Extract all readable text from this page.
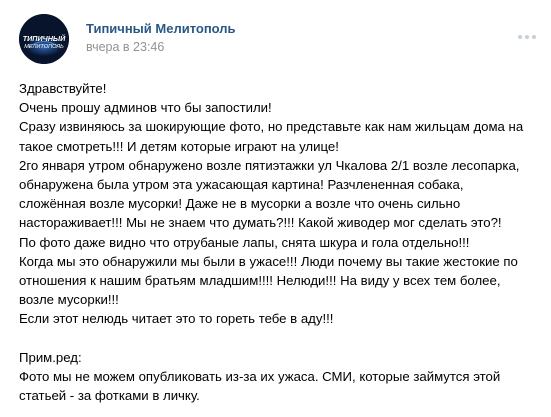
ТИПИЧНЫЙ
МЕЛИТОПОЛЬ
Типичный Мелитополь
вчера в 23:46
Здравствуйте!
Очень прошу админов что бы запостили!
Сразу извиняюсь за шокирующие фото, но представьте как нам жильцам дома на
такое смотреть!!! И детям которые играют на улице!
2го января утром обнаружено возле пятиэтажки ул Чкалова 2/1 возле лесопарка,
обнаружена была утром эта ужасающая картина! Разчлененная собака,
сложённая возле мусорки! Даже не в мусорки а возле что очень сильно
настораживает!!! Мы не знаем что думать?!!! Какой живодер мог сделать это?!
По фото даже видно что отрубаные лапы, снята шкура и гола отдельно!!!
Когда мы это обнаружили мы были в ужасе!!! Люди почему вы такие жестокие по
отношения к нашим братьям младшим!!!! Нелюди!!! На виду у всех тем более,
возле мусорки!!!
Если этот нелюдь читает это то гореть тебе в аду!!!
Прим.ред:
Фото мы не можем опубликовать из-за их ужаса. СМИ, которые займутся этой
статьей - за фотками в личку.
